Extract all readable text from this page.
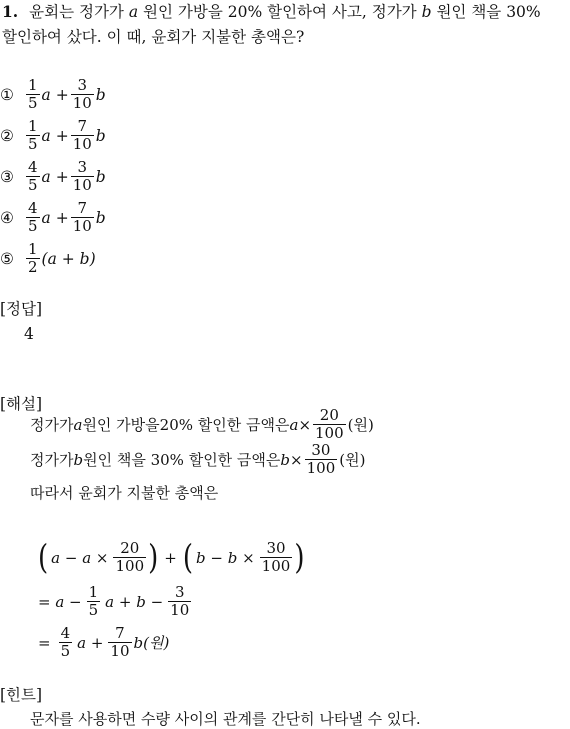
1. 윤회는 정가가 a 원인 가방을 20% 할인하여 사고, 정가가 b 원인 책을 30%
할인하여 샀다. 이 때, 윤회가 지불한 총액은?
① $\frac{1}{5}$ $a + \frac{3}{10}$ b
② $\frac{1}{5}$ $a + \frac{7}{10}$ b
③ $\frac{4}{5}$ $a + \frac{3}{10}$ b
④ $\frac{4}{5}$ $a + \frac{7}{10}$ b
⑤ $\frac{1}{2} (a + b)$
[정답]
4
[해설]
정가가 a 원인 가방을20% 할인한 금액은 $a \times \frac{20}{100}$ (원)
정가가 b 원인 책을 30% 할인한 금액은 $b \times \frac{30}{100}$ (원)
따라서 윤회가 지불한 총액은
( $a - a \times \frac{20}{100}$ ) + ( $b - b \times \frac{30}{100}$ )
= $a - \frac{1}{5}$ $a + b - \frac{3}{10}$
= $\frac{4}{5}$ $a + \frac{7}{10} b$(원)
[힌트]
문자를 사용하면 수량 사이의 관계를 간단히 나타낼 수 있다.
